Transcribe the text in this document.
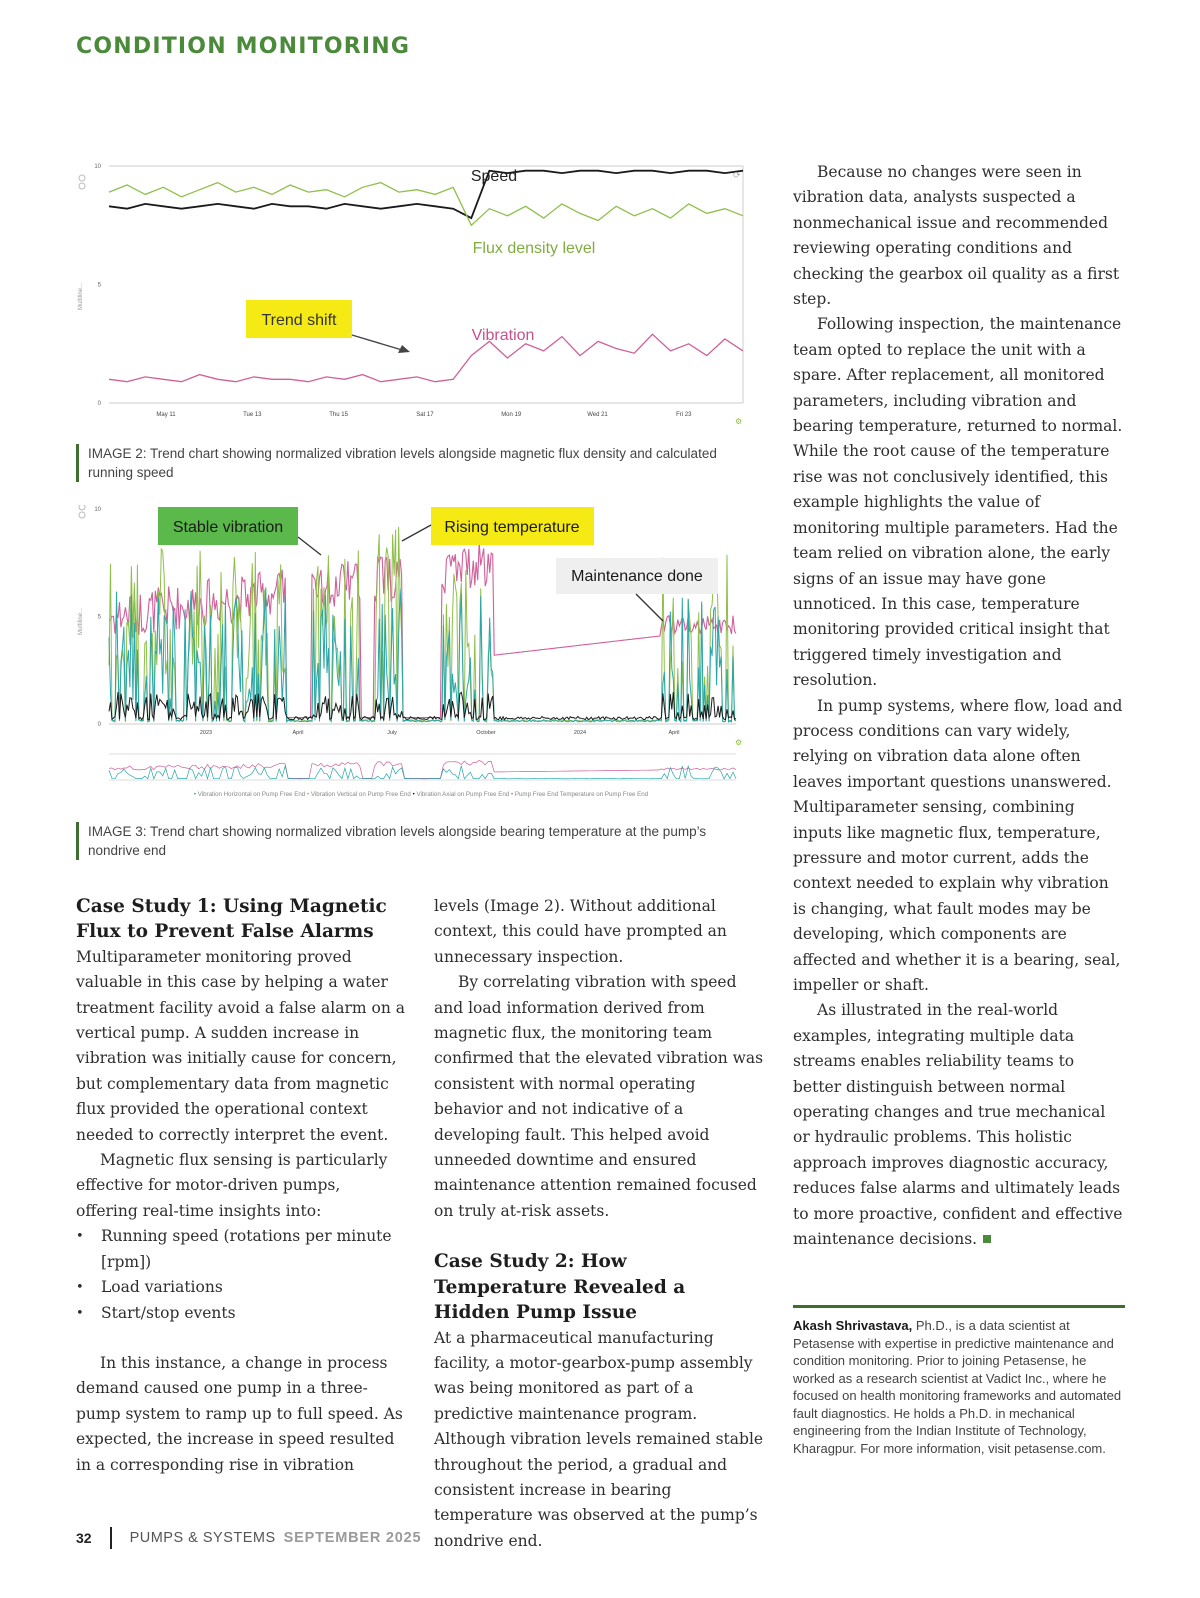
CONDITION MONITORING
Multiline...
10
5
0
May 11	Tue 13	Thu 15	Sat 17	Mon 19	Wed 21	Fri 23
Speed
Flux density level
Vibration
Trend shift
⟳
⚙
IMAGE 2: Trend chart showing normalized vibration levels alongside magnetic flux density and calculated running speed
Multiline...
10
5
0
2023	April	July	October	2024	April
⚙
Stable vibration	Rising temperature
Maintenance done
• Vibration Horizontal on Pump Free End • Vibration Vertical on Pump Free End • Vibration Axial on Pump Free End • Pump Free End Temperature on Pump Free End
IMAGE 3: Trend chart showing normalized vibration levels alongside bearing temperature at the pump’s nondrive end
Case Study 1: Using Magnetic Flux to Prevent False Alarms

Multiparameter monitoring proved valuable in this case by helping a water treatment facility avoid a false alarm on a vertical pump. A sudden increase in vibration was initially cause for concern, but complementary data from magnetic flux provided the operational context needed to correctly interpret the event.

Magnetic flux sensing is particularly effective for motor-driven pumps, offering real-time insights into:

• Running speed (rotations per minute [rpm])
• Load variations
• Start/stop events

In this instance, a change in process demand caused one pump in a three-pump system to ramp up to full speed. As expected, the increase in speed resulted in a corresponding rise in vibration

levels (Image 2). Without additional context, this could have prompted an unnecessary inspection.

By correlating vibration with speed and load information derived from magnetic flux, the monitoring team confirmed that the elevated vibration was consistent with normal operating behavior and not indicative of a developing fault. This helped avoid unneeded downtime and ensured maintenance attention remained focused on truly at-risk assets.

Case Study 2: How Temperature Revealed a Hidden Pump Issue

At a pharmaceutical manufacturing facility, a motor-gearbox-pump assembly was being monitored as part of a predictive maintenance program. Although vibration levels remained stable throughout the period, a gradual and consistent increase in bearing temperature was observed at the pump’s nondrive end.

Because no changes were seen in vibration data, analysts suspected a nonmechanical issue and recommended reviewing operating conditions and checking the gearbox oil quality as a first step.

Following inspection, the maintenance team opted to replace the unit with a spare. After replacement, all monitored parameters, including vibration and bearing temperature, returned to normal. While the root cause of the temperature rise was not conclusively identified, this example highlights the value of monitoring multiple parameters. Had the team relied on vibration alone, the early signs of an issue may have gone unnoticed. In this case, temperature monitoring provided critical insight that triggered timely investigation and resolution.

In pump systems, where flow, load and process conditions can vary widely, relying on vibration data alone often leaves important questions unanswered. Multiparameter sensing, combining inputs like magnetic flux, temperature, pressure and motor current, adds the context needed to explain why vibration is changing, what fault modes may be developing, which components are affected and whether it is a bearing, seal, impeller or shaft.

As illustrated in the real-world examples, integrating multiple data streams enables reliability teams to better distinguish between normal operating changes and true mechanical or hydraulic problems. This holistic approach improves diagnostic accuracy, reduces false alarms and ultimately leads to more proactive, confident and effective maintenance decisions.

Akash Shrivastava, Ph.D., is a data scientist at Petasense with expertise in predictive maintenance and condition monitoring. Prior to joining Petasense, he worked as a research scientist at Vadict Inc., where he focused on health monitoring frameworks and automated fault diagnostics. He holds a Ph.D. in mechanical engineering from the Indian Institute of Technology, Kharagpur. For more information, visit petasense.com.
32	PUMPS & SYSTEMS SEPTEMBER 2025
